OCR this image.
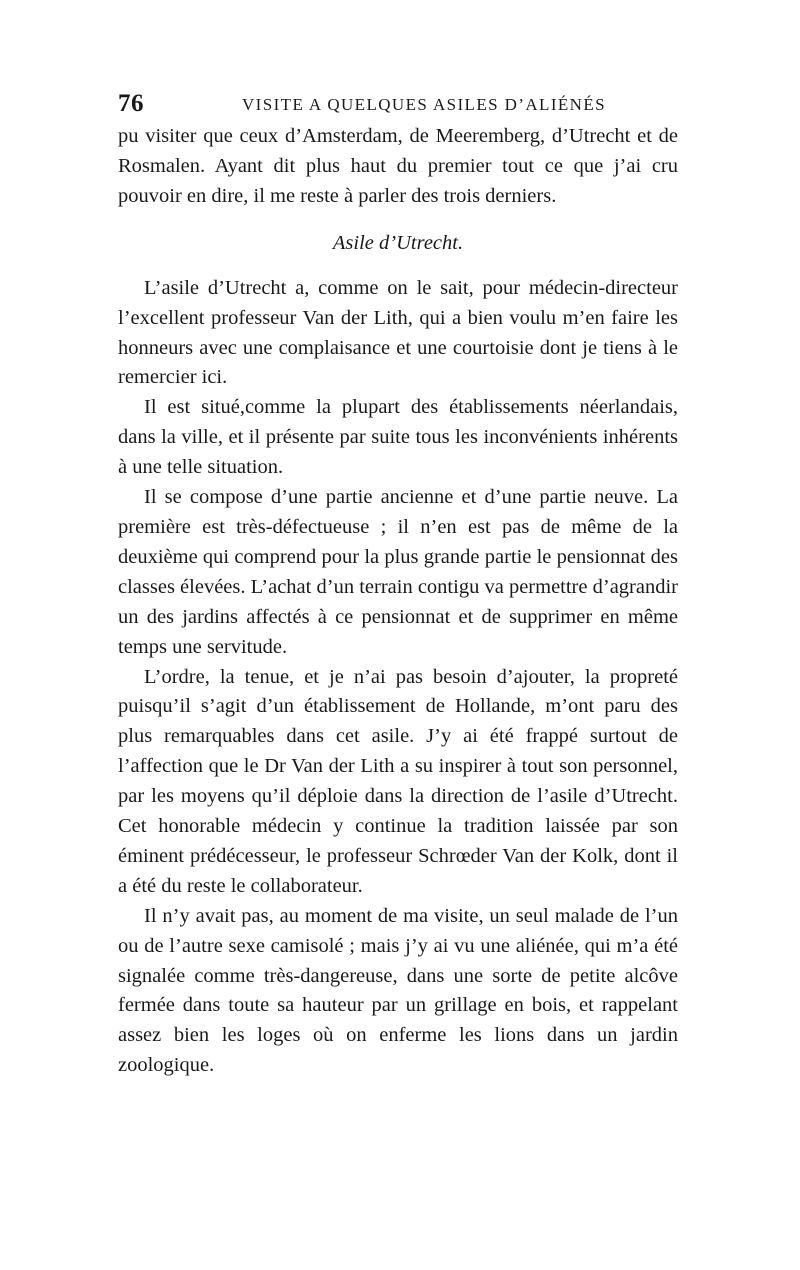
76	VISITE A QUELQUES ASILES D’ALIÉNÉS

pu visiter que ceux d’Amsterdam, de Meeremberg, d’Utrecht et de Rosmalen. Ayant dit plus haut du premier tout ce que j’ai cru pouvoir en dire, il me reste à parler des trois derniers.

Asile d’Utrecht.

L’asile d’Utrecht a, comme on le sait, pour médecin-directeur l’excellent professeur Van der Lith, qui a bien voulu m’en faire les honneurs avec une complaisance et une courtoisie dont je tiens à le remercier ici.

Il est situé,comme la plupart des établissements néerlandais, dans la ville, et il présente par suite tous les inconvénients inhérents à une telle situation.

Il se compose d’une partie ancienne et d’une partie neuve. La première est très-défectueuse ; il n’en est pas de même de la deuxième qui comprend pour la plus grande partie le pensionnat des classes élevées. L’achat d’un terrain contigu va permettre d’agrandir un des jardins affectés à ce pensionnat et de supprimer en même temps une servitude.

L’ordre, la tenue, et je n’ai pas besoin d’ajouter, la propreté puisqu’il s’agit d’un établissement de Hollande, m’ont paru des plus remarquables dans cet asile. J’y ai été frappé surtout de l’affection que le Dr Van der Lith a su inspirer à tout son personnel, par les moyens qu’il déploie dans la direction de l’asile d’Utrecht. Cet honorable médecin y continue la tradition laissée par son éminent prédécesseur, le professeur Schrœder Van der Kolk, dont il a été du reste le collaborateur.

Il n’y avait pas, au moment de ma visite, un seul malade de l’un ou de l’autre sexe camisolé ; mais j’y ai vu une aliénée, qui m’a été signalée comme très-dangereuse, dans une sorte de petite alcôve fermée dans toute sa hauteur par un grillage en bois, et rappelant assez bien les loges où on enferme les lions dans un jardin zoologique.
